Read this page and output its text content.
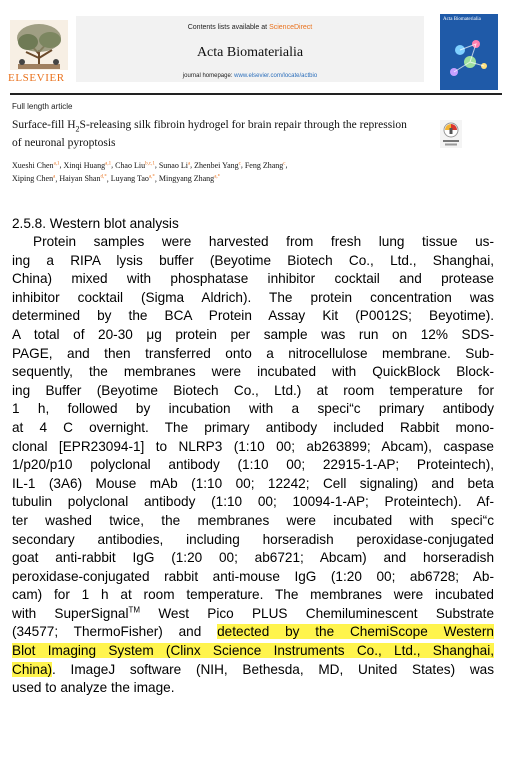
ELSEVIER
Contents lists available at ScienceDirect
Acta Biomaterialia
journal homepage: www.elsevier.com/locate/actbio
Acta Biomaterialia
Full length article
Surface-fill $H_2S$-releasing silk fibroin hydrogel for brain repair through the repression of neuronal pyroptosis
Xueshi Chen$^{a,1}$, Xinqi Huang$^{a,1}$, Chao Liu$^{b,c,1}$, Sunao Li$^a$, Zhenbei Yang$^c$, Feng Zhang$^c$,
Xiping Chen$^a$, Haiyan Shan$^{d,*}$, Luyang Tao$^{a,*}$, Mingyang Zhang$^{a,*}$
2.5.8. Western blot analysis
Protein samples were harvested from fresh lung tissue us-
ing a RIPA lysis buffer (Beyotime Biotech Co., Ltd., Shanghai,
China) mixed with phosphatase inhibitor cocktail and protease
inhibitor cocktail (Sigma Aldrich). The protein concentration was
determined by the BCA Protein Assay Kit (P0012S; Beyotime).
A total of 20-30 μg protein per sample was run on 12% SDS-
PAGE, and then transferred onto a nitrocellulose membrane. Sub-
sequently, the membranes were incubated with QuickBlock Block-
ing Buffer (Beyotime Biotech Co., Ltd.) at room temperature for
1 h, followed by incubation with a speci“c primary antibody
at 4 C overnight. The primary antibody included Rabbit mono-
clonal [EPR23094-1] to NLRP3 (1:10 00; ab263899; Abcam), caspase
1/p20/p10 polyclonal antibody (1:10 00; 22915-1-AP; Proteintech),
IL-1 (3A6) Mouse mAb (1:10 00; 12242; Cell signaling) and beta
tubulin polyclonal antibody (1:10 00; 10094-1-AP; Proteintech). Af-
ter washed twice, the membranes were incubated with speci“c
secondary antibodies, including horseradish peroxidase-conjugated
goat anti-rabbit IgG (1:20 00; ab6721; Abcam) and horseradish
peroxidase-conjugated rabbit anti-mouse IgG (1:20 00; ab6728; Ab-
cam) for 1 h at room temperature. The membranes were incubated
with SuperSignal™ West Pico PLUS Chemiluminescent Substrate
(34577; ThermoFisher) and detected by the ChemiScope Western
Blot Imaging System (Clinx Science Instruments Co., Ltd., Shanghai,
China). ImageJ software (NIH, Bethesda, MD, United States) was
used to analyze the image.
